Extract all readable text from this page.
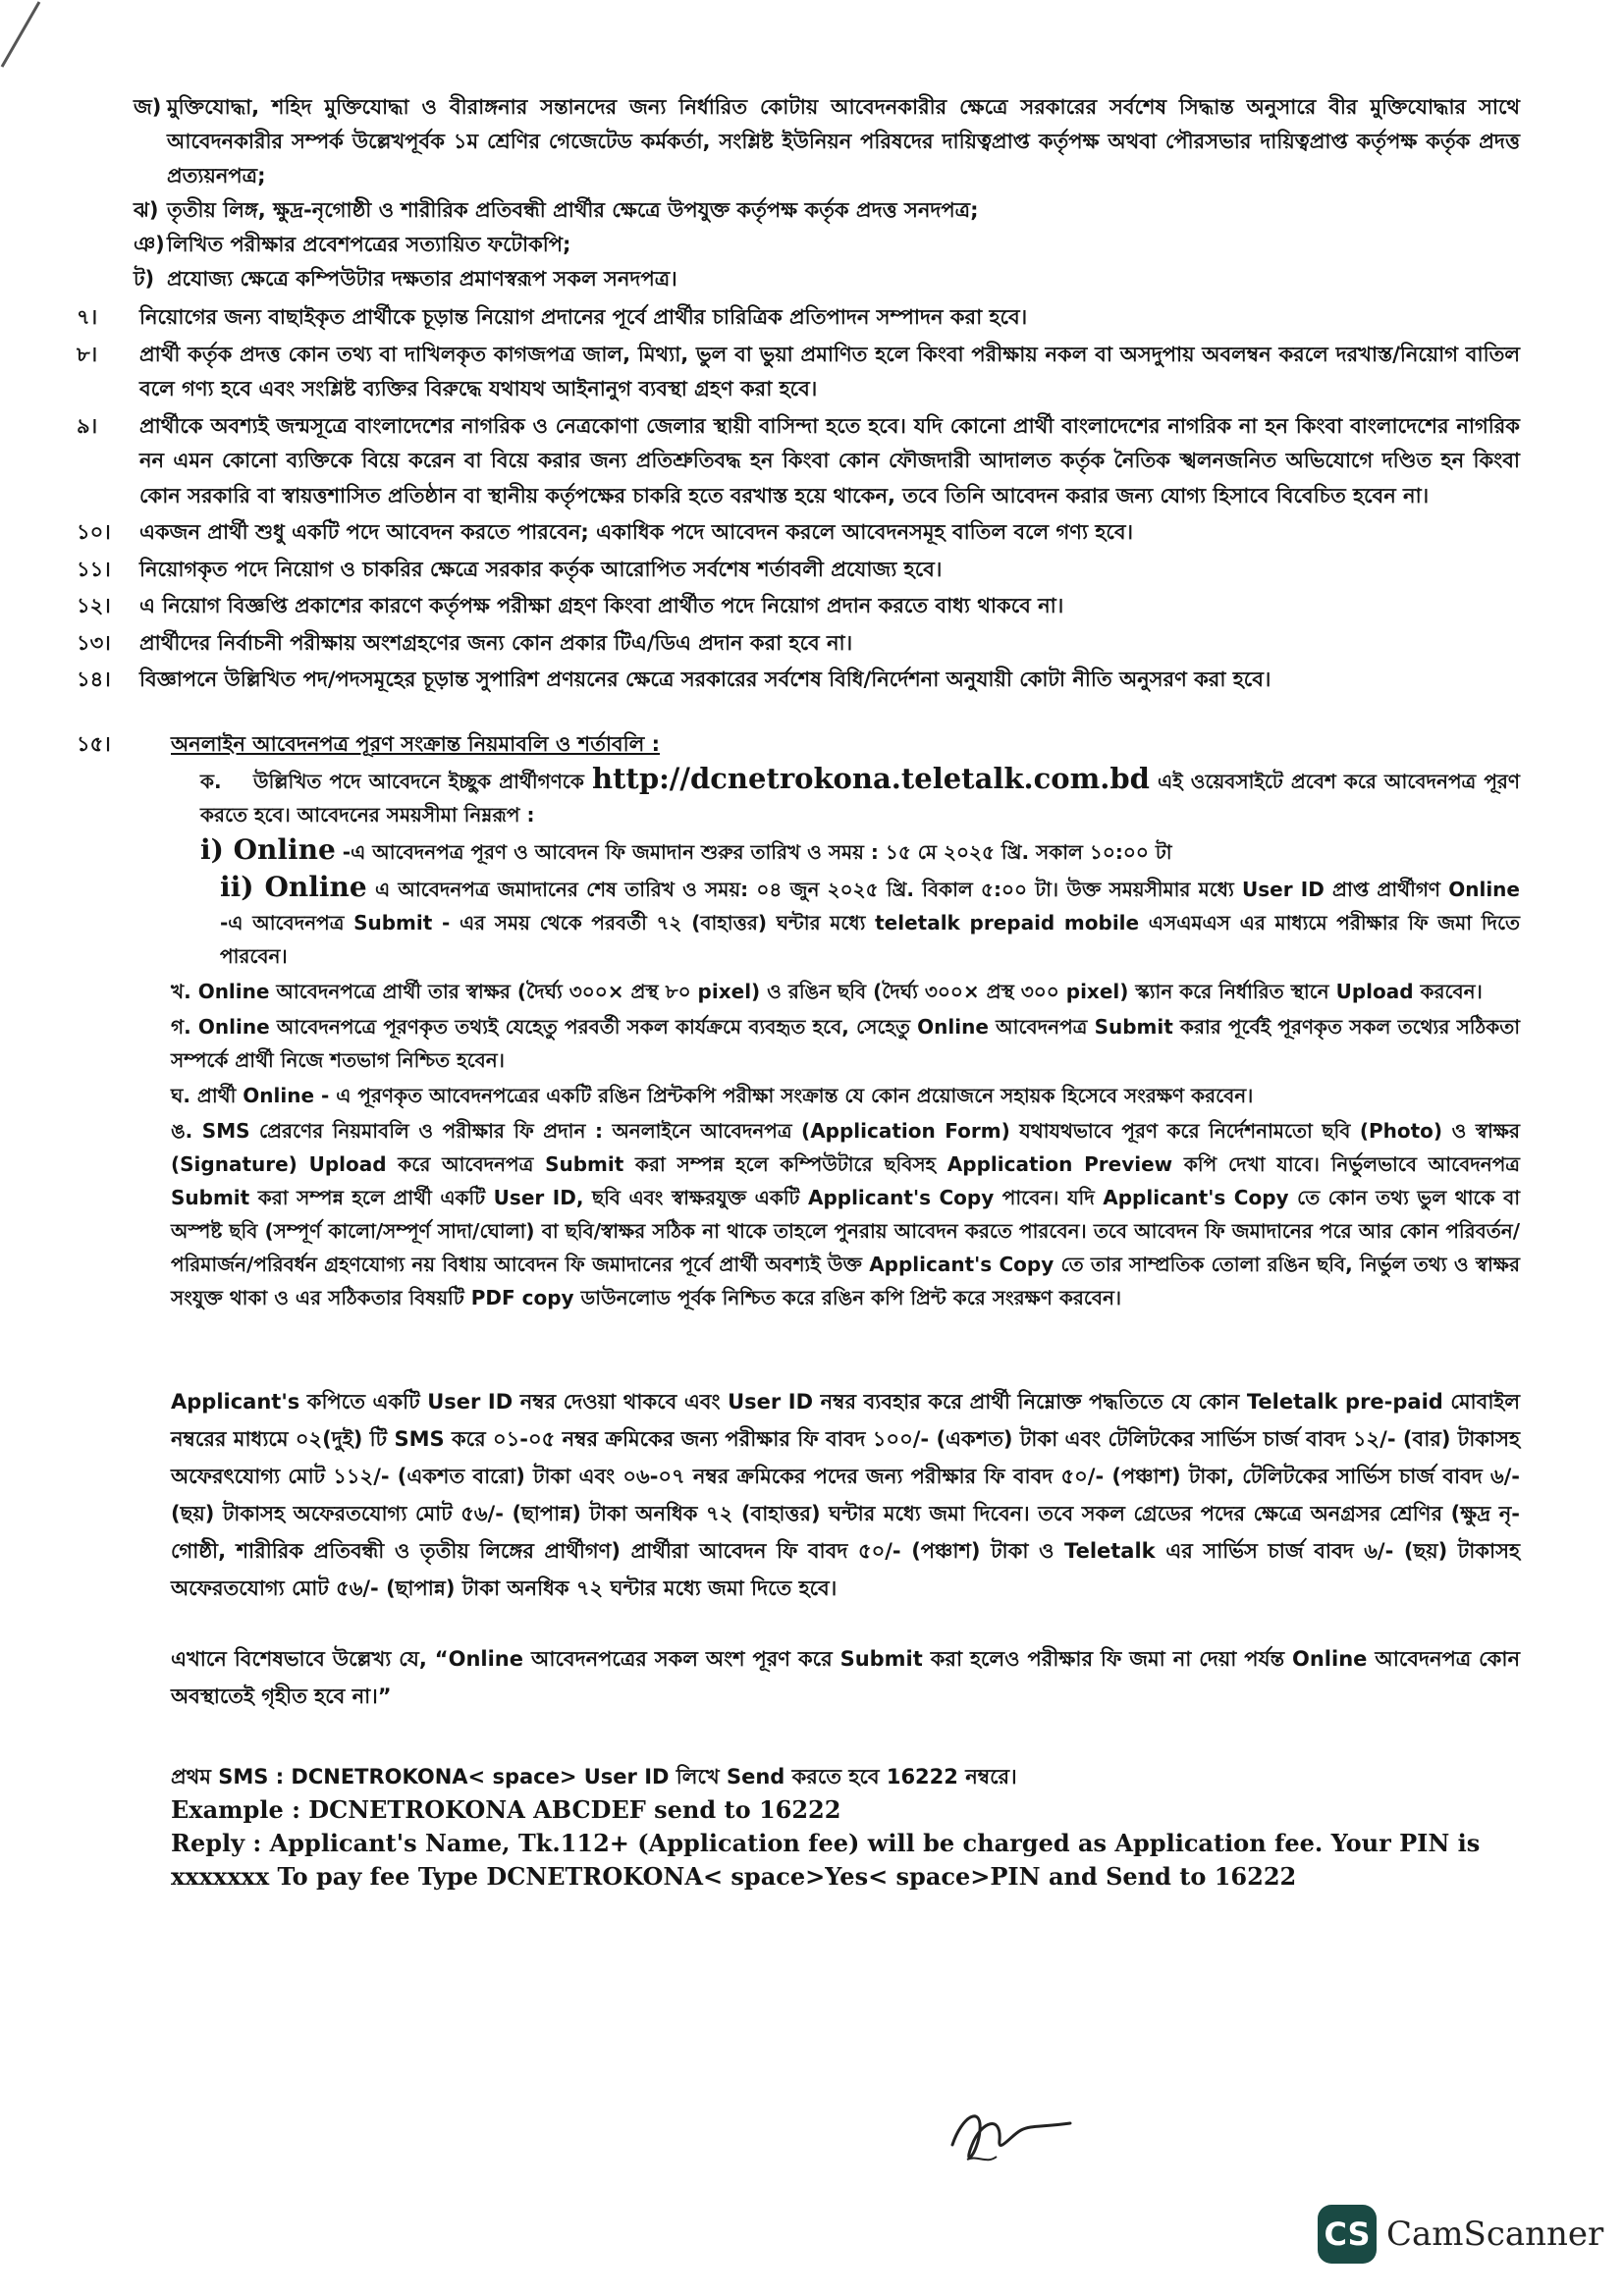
জ) মুক্তিযোদ্ধা, শহিদ মুক্তিযোদ্ধা ও বীরাঙ্গনার সন্তানদের জন্য নির্ধারিত কোটায় আবেদনকারীর ক্ষেত্রে সরকারের সর্বশেষ সিদ্ধান্ত অনুসারে বীর মুক্তিযোদ্ধার সাথে আবেদনকারীর সম্পর্ক উল্লেখপূর্বক ১ম শ্রেণির গেজেটেড কর্মকর্তা, সংশ্লিষ্ট ইউনিয়ন পরিষদের দায়িত্বপ্রাপ্ত কর্তৃপক্ষ অথবা পৌরসভার দায়িত্বপ্রাপ্ত কর্তৃপক্ষ কর্তৃক প্রদত্ত প্রত্যয়নপত্র;
ঝ) তৃতীয় লিঙ্গ, ক্ষুদ্র-নৃগোষ্ঠী ও শারীরিক প্রতিবন্ধী প্রার্থীর ক্ষেত্রে উপযুক্ত কর্তৃপক্ষ কর্তৃক প্রদত্ত সনদপত্র;
ঞ) লিখিত পরীক্ষার প্রবেশপত্রের সত্যায়িত ফটোকপি;
ট) প্রযোজ্য ক্ষেত্রে কম্পিউটার দক্ষতার প্রমাণস্বরূপ সকল সনদপত্র।
৭।	নিয়োগের জন্য বাছাইকৃত প্রার্থীকে চূড়ান্ত নিয়োগ প্রদানের পূর্বে প্রার্থীর চারিত্রিক প্রতিপাদন সম্পাদন করা হবে।
৮।	প্রার্থী কর্তৃক প্রদত্ত কোন তথ্য বা দাখিলকৃত কাগজপত্র জাল, মিথ্যা, ভুল বা ভুয়া প্রমাণিত হলে কিংবা পরীক্ষায় নকল বা অসদুপায় অবলম্বন করলে দরখাস্ত/নিয়োগ বাতিল বলে গণ্য হবে এবং সংশ্লিষ্ট ব্যক্তির বিরুদ্ধে যথাযথ আইনানুগ ব্যবস্থা গ্রহণ করা হবে।
৯।	প্রার্থীকে অবশ্যই জন্মসূত্রে বাংলাদেশের নাগরিক ও নেত্রকোণা জেলার স্থায়ী বাসিন্দা হতে হবে। যদি কোনো প্রার্থী বাংলাদেশের নাগরিক না হন কিংবা বাংলাদেশের নাগরিক নন এমন কোনো ব্যক্তিকে বিয়ে করেন বা বিয়ে করার জন্য প্রতিশ্রুতিবদ্ধ হন কিংবা কোন ফৌজদারী আদালত কর্তৃক নৈতিক স্খলনজনিত অভিযোগে দণ্ডিত হন কিংবা কোন সরকারি বা স্বায়ত্তশাসিত প্রতিষ্ঠান বা স্থানীয় কর্তৃপক্ষের চাকরি হতে বরখাস্ত হয়ে থাকেন, তবে তিনি আবেদন করার জন্য যোগ্য হিসাবে বিবেচিত হবেন না।
১০।	একজন প্রার্থী শুধু একটি পদে আবেদন করতে পারবেন; একাধিক পদে আবেদন করলে আবেদনসমূহ বাতিল বলে গণ্য হবে।
১১।	নিয়োগকৃত পদে নিয়োগ ও চাকরির ক্ষেত্রে সরকার কর্তৃক আরোপিত সর্বশেষ শর্তাবলী প্রযোজ্য হবে।
১২।	এ নিয়োগ বিজ্ঞপ্তি প্রকাশের কারণে কর্তৃপক্ষ পরীক্ষা গ্রহণ কিংবা প্রার্থীত পদে নিয়োগ প্রদান করতে বাধ্য থাকবে না।
১৩।	প্রার্থীদের নির্বাচনী পরীক্ষায় অংশগ্রহণের জন্য কোন প্রকার টিএ/ডিএ প্রদান করা হবে না।
১৪।	বিজ্ঞাপনে উল্লিখিত পদ/পদসমূহের চূড়ান্ত সুপারিশ প্রণয়নের ক্ষেত্রে সরকারের সর্বশেষ বিধি/নির্দেশনা অনুযায়ী কোটা নীতি অনুসরণ করা হবে।
১৫।	অনলাইন আবেদনপত্র পূরণ সংক্রান্ত নিয়মাবলি ও শর্তাবলি :
ক. উল্লিখিত পদে আবেদনে ইচ্ছুক প্রার্থীগণকে http://dcnetrokona.teletalk.com.bd এই ওয়েবসাইটে প্রবেশ করে আবেদনপত্র পূরণ করতে হবে। আবেদনের সময়সীমা নিম্নরূপ :
i) Online -এ আবেদনপত্র পূরণ ও আবেদন ফি জমাদান শুরুর তারিখ ও সময় : ১৫ মে ২০২৫ খ্রি. সকাল ১০:০০ টা
ii) Online এ আবেদনপত্র জমাদানের শেষ তারিখ ও সময়: ০৪ জুন ২০২৫ খ্রি. বিকাল ৫:০০ টা। উক্ত সময়সীমার মধ্যে User ID প্রাপ্ত প্রার্থীগণ Online -এ আবেদনপত্র Submit - এর সময় থেকে পরবর্তী ৭২ (বাহাত্তর) ঘন্টার মধ্যে teletalk prepaid mobile এসএমএস এর মাধ্যমে পরীক্ষার ফি জমা দিতে পারবেন।
খ. Online আবেদনপত্রে প্রার্থী তার স্বাক্ষর (দৈর্ঘ্য ৩০০× প্রস্থ ৮০ pixel) ও রঙিন ছবি (দৈর্ঘ্য ৩০০× প্রস্থ ৩০০ pixel) স্ক্যান করে নির্ধারিত স্থানে Upload করবেন।
গ. Online আবেদনপত্রে পূরণকৃত তথ্যই যেহেতু পরবর্তী সকল কার্যক্রমে ব্যবহৃত হবে, সেহেতু Online আবেদনপত্র Submit করার পূর্বেই পূরণকৃত সকল তথ্যের সঠিকতা সম্পর্কে প্রার্থী নিজে শতভাগ নিশ্চিত হবেন।
ঘ. প্রার্থী Online - এ পূরণকৃত আবেদনপত্রের একটি রঙিন প্রিন্টকপি পরীক্ষা সংক্রান্ত যে কোন প্রয়োজনে সহায়ক হিসেবে সংরক্ষণ করবেন।
ঙ. SMS প্রেরণের নিয়মাবলি ও পরীক্ষার ফি প্রদান : অনলাইনে আবেদনপত্র (Application Form) যথাযথভাবে পূরণ করে নির্দেশনামতো ছবি (Photo) ও স্বাক্ষর (Signature) Upload করে আবেদনপত্র Submit করা সম্পন্ন হলে কম্পিউটারে ছবিসহ Application Preview কপি দেখা যাবে। নির্ভুলভাবে আবেদনপত্র Submit করা সম্পন্ন হলে প্রার্থী একটি User ID, ছবি এবং স্বাক্ষরযুক্ত একটি Applicant's Copy পাবেন। যদি Applicant's Copy তে কোন তথ্য ভুল থাকে বা অস্পষ্ট ছবি (সম্পূর্ণ কালো/সম্পূর্ণ সাদা/ঘোলা) বা ছবি/স্বাক্ষর সঠিক না থাকে তাহলে পুনরায় আবেদন করতে পারবেন। তবে আবেদন ফি জমাদানের পরে আর কোন পরিবর্তন/পরিমার্জন/পরিবর্ধন গ্রহণযোগ্য নয় বিধায় আবেদন ফি জমাদানের পূর্বে প্রার্থী অবশ্যই উক্ত Applicant's Copy তে তার সাম্প্রতিক তোলা রঙিন ছবি, নির্ভুল তথ্য ও স্বাক্ষর সংযুক্ত থাকা ও এর সঠিকতার বিষয়টি PDF copy ডাউনলোড পূর্বক নিশ্চিত করে রঙিন কপি প্রিন্ট করে সংরক্ষণ করবেন।
Applicant's কপিতে একটি User ID নম্বর দেওয়া থাকবে এবং User ID নম্বর ব্যবহার করে প্রার্থী নিম্নোক্ত পদ্ধতিতে যে কোন Teletalk pre-paid মোবাইল নম্বরের মাধ্যমে ০২(দুই) টি SMS করে ০১-০৫ নম্বর ক্রমিকের জন্য পরীক্ষার ফি বাবদ ১০০/- (একশত) টাকা এবং টেলিটকের সার্ভিস চার্জ বাবদ ১২/- (বার) টাকাসহ অফেরৎযোগ্য মোট ১১২/- (একশত বারো) টাকা এবং ০৬-০৭ নম্বর ক্রমিকের পদের জন্য পরীক্ষার ফি বাবদ ৫০/- (পঞ্চাশ) টাকা, টেলিটকের সার্ভিস চার্জ বাবদ ৬/- (ছয়) টাকাসহ অফেরতযোগ্য মোট ৫৬/- (ছাপান্ন) টাকা অনধিক ৭২ (বাহাত্তর) ঘন্টার মধ্যে জমা দিবেন। তবে সকল গ্রেডের পদের ক্ষেত্রে অনগ্রসর শ্রেণির (ক্ষুদ্র নৃ-গোষ্ঠী, শারীরিক প্রতিবন্ধী ও তৃতীয় লিঙ্গের প্রার্থীগণ) প্রার্থীরা আবেদন ফি বাবদ ৫০/- (পঞ্চাশ) টাকা ও Teletalk এর সার্ভিস চার্জ বাবদ ৬/- (ছয়) টাকাসহ অফেরতযোগ্য মোট ৫৬/- (ছাপান্ন) টাকা অনধিক ৭২ ঘন্টার মধ্যে জমা দিতে হবে।
এখানে বিশেষভাবে উল্লেখ্য যে, “Online আবেদনপত্রের সকল অংশ পূরণ করে Submit করা হলেও পরীক্ষার ফি জমা না দেয়া পর্যন্ত Online আবেদনপত্র কোন অবস্থাতেই গৃহীত হবে না।”
প্রথম SMS : DCNETROKONA< space> User ID লিখে Send করতে হবে 16222 নম্বরে।
Example : DCNETROKONA ABCDEF send to 16222
Reply : Applicant's Name, Tk.112+ (Application fee) will be charged as Application fee. Your PIN is xxxxxxx To pay fee Type DCNETROKONA< space>Yes< space>PIN and Send to 16222
CS CamScanner
